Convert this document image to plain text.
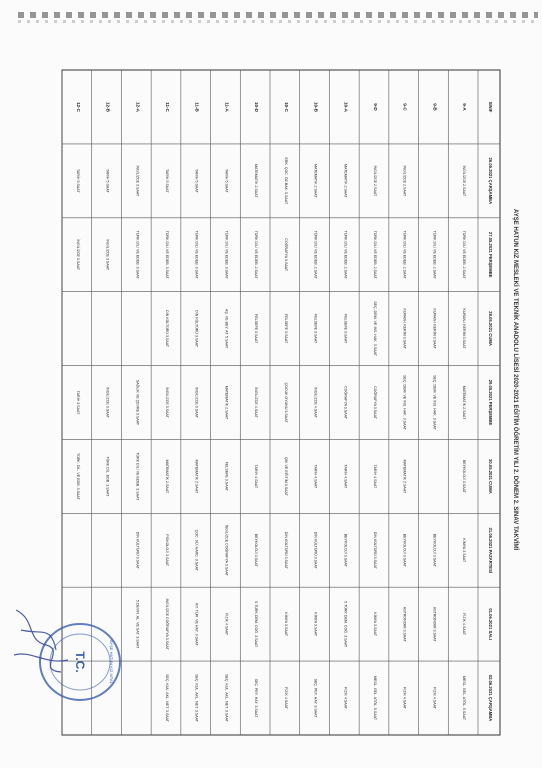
SINIF
26.05.2021 ÇARŞAMBA
27.05.2021 PERŞEMBE
28.05.2021 CUMA
29.05.2021 PERŞEMBE
30.05.2021 CUMA
31.05.2021 PAZARTESİ
01.06.2021 SALI
02.06.2021 ÇARŞAMBA
9-A
İNGİLİZCE 2.SAAT
TÜRK DİLİ VE EDEB. 2.SAAT
KURAN-I KERİM 3.SAAT
MATEMATİK 2.SAAT
BEYKOLOJİ 3.SAAT
KİMYA 3.SAAT
FİZİK 4.SAAT
MESL. GEL. ATÖL. 5.SAAT
9-B
TÜRK DİLİ VE EDEB. 2.SAAT
KURAN-I KERİM 3.SAAT
SEÇ. DEM. VE İNS. HAK. 3.SAAT
BEYKOLOJİ 3.SAAT
ASTRONOMİ 3.SAAT
FİZİK 4.SAAT
9-C
İNGİLİZCE 2.SAAT
TÜRK DİLİ VE EDEB. 2.SAAT
KURAN-I KERİM 3.SAAT
SEÇ. DEM. VE İNS. HAK. 3.SAAT
MATEMATİK 2.SAAT
BEYKOLOJİ 3.SAAT
ASTRONOMİ 3.SAAT
FİZİK 4.SAAT
9-D
İNGİLİZCE 2.SAAT
TÜRK DİLİ VE EDEB. 2.SAAT
SEÇ. DEM. VE İNS. HAK. 3.SAAT
COĞRAFYA 3.SAAT
TARİH 4.SAAT
DİN KÜLTÜRÜ 3.SAAT
KİMYA 3.SAAT
MESL. GEL. ATÖL. 5.SAAT
10-A
MATEMATİK 2.SAAT
TÜRK DİLİ VE EDEB. 2.SAAT
FELSEFE 3.SAAT
COĞRAFYA 3.SAAT
TARİH 4.SAAT
BEYKOLOJİ 3.SAAT
5.TÜRK DEM. COĞ. 3.SAAT
FİZİK 4.SAAT
10-B
MATEMATİK 2.SAAT
TÜRK DİLİ VE EDEB. 2.SAAT
FELSEFE 3.SAAT
İNGİLİZCE 4.SAAT
TARİH 4.SAAT
DİN KÜLTÜRÜ 3.SAAT
KİMYA 3.SAAT
SEÇ. PEY. HAY. 3.SAAT
10-C
ERK. ÇOC. ÖZ.BAK. 5.SAAT
COĞRAFYA 3.SAAT
FELSEFE 3.SAAT
ÇOCUK OYUNU 3.SAAT
ÇM. VE EĞİTİM 3.SAAT
DİN KÜLTÜRÜ 3.SAAT
KİMYA 3.SAAT
FİZİK 4.SAAT
10-D
MATEMATİK 2.SAAT
TÜRK DİLİ VE EDEB. 2.SAAT
FELSEFE 3.SAAT
İNGİLİZCE 4.SAAT
TARİH 4.SAAT
BEYKOLOJİ 3.SAAT
5.TÜRK DEM. COĞ. 3.SAAT
SEÇ. PEY. HAY. 3.SAAT
11-A
TARİH 5.SAAT
TÜRK DİLİ VE EDEB. 3.SAAT
AŞ. VE BEY. AT. 5.SAAT
MATEMATİK 2.SAAT
FELSEFE 3.SAAT
İNGİLİZCE COĞRAFYA 3.SAAT
FİZİK 4.SAAT
SEÇ. KUL. AKL. NET. 3.SAAT
11-B
TARİH 5.SAAT
TÜRK DİLİ VE EDEB. 3.SAAT
DİN KÜLTÜRÜ 3.SAAT
İNGİLİZCE 3.SAAT
MATEMATİK 2.SAAT
ÇOC. SÜ. HARC. 3.SAAT
İKT. TÜR. VE HAY. 3.SAAT
SEÇ. KUL. AKL. NET. 3.SAAT
11-C
TARİH 5.SAAT
TÜRK DİLİ VE EDEB. 3.SAAT
DİN KÜLTÜRÜ 3.SAAT
İNGİLİZCE 3.SAAT
MATEMATİK 2.SAAT
PSİKOLOJİ 3.SAAT
İNGİLİZCE COĞRAFYA 3.SAAT
SEÇ. KUL. AKL. NET. 3.SAAT
12-A
İNGİLİZCE 3.SAAT
TÜRK DİLİ VE EDEB. 3.SAAT
SAĞLIK VE ÇEVRE 3.SAAT
TÜRK DİLİ VE EDEB. 3.SAAT
DİN KÜLTÜRÜ 3.SAAT
5.DEVİR. AL. VE SAT. 3.SAAT
12-B
TARİH 5.SAAT
İNGİLİZCE 3.SAAT
İNGİLİZCE 3.SAAT
TÜRK DİL. EDB. 3.SAAT
12-C
TARİH 5.SAAT
İNGİLİZCE 3.SAAT
TARİH 3.SAAT
TÜRK. DİL. VE EDB. 3.SAAT	AYŞE HATUN KIZ MESLEKİ VE TEKNİK ANADOLU LİSESİ 2020-2021 EĞİTİM ÖĞRETİM YILI 2. DÖNEM 2. SINAV TAKVİMİ
T.C.	AYŞE HATUN KIZ MTAL
